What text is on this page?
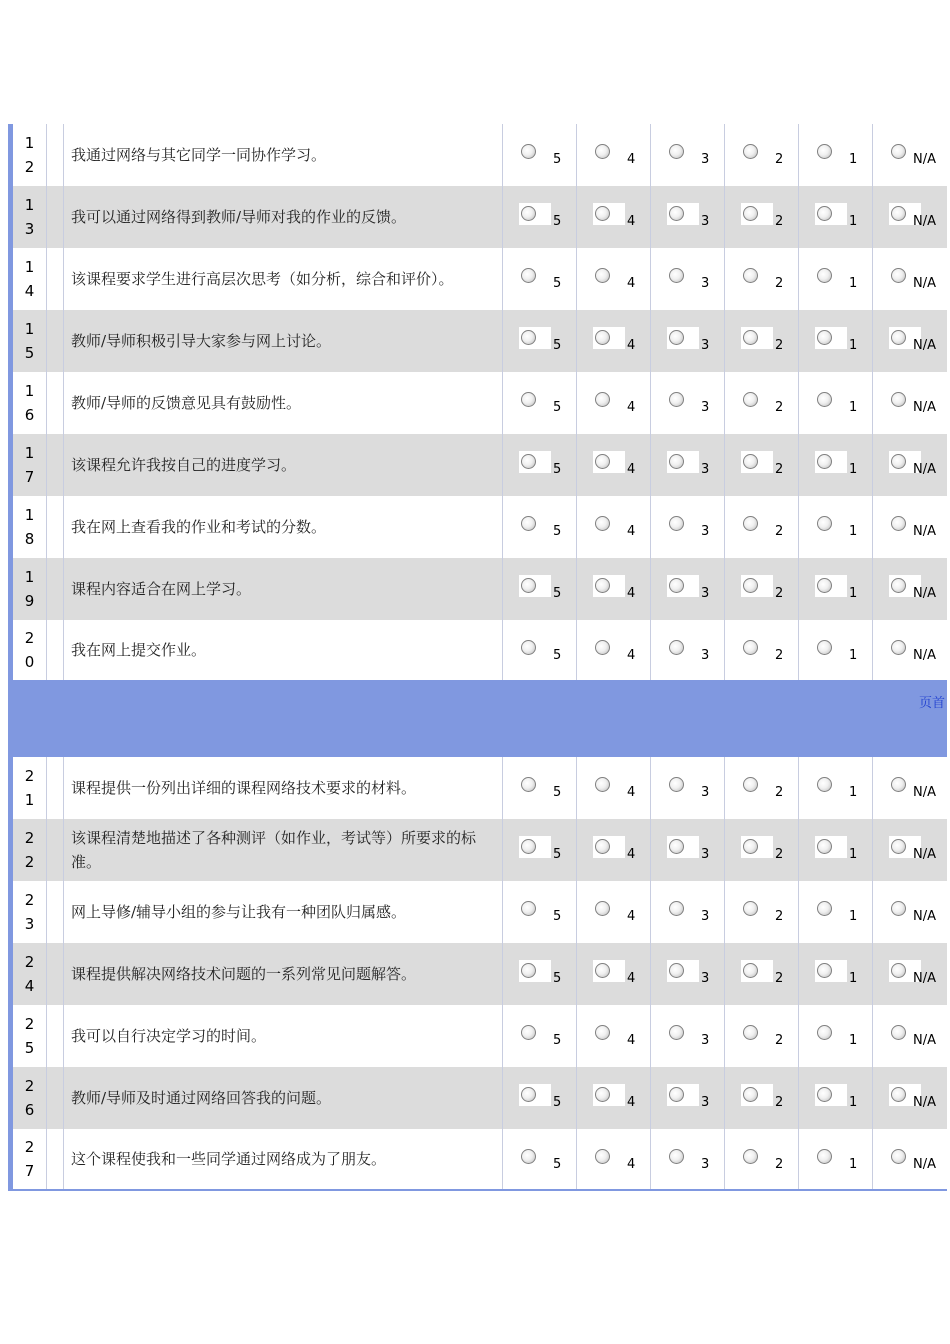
1
2
我通过网络与其它同学一同协作学习。	5	4	3	2	1	N/A
1
3
我可以通过网络得到教师/导师对我的作业的反馈。	5	4	3	2	1	N/A
1
4
该课程要求学生进行高层次思考（如分析，综合和评价）。	5	4	3	2	1	N/A
1
5
教师/导师积极引导大家参与网上讨论。	5	4	3	2	1	N/A
1
6
教师/导师的反馈意见具有鼓励性。	5	4	3	2	1	N/A
1
7
该课程允许我按自己的进度学习。	5	4	3	2	1	N/A
1
8
我在网上查看我的作业和考试的分数。	5	4	3	2	1	N/A
1
9
课程内容适合在网上学习。	5	4	3	2	1	N/A
2
0
我在网上提交作业。	5	4	3	2	1	N/A
页首
2
1
课程提供一份列出详细的课程网络技术要求的材料。	5	4	3	2	1	N/A
2
2
该课程清楚地描述了各种测评（如作业，考试等）所要求的标准。	5	4	3	2	1	N/A
2
3
网上导修/辅导小组的参与让我有一种团队归属感。	5	4	3	2	1	N/A
2
4
课程提供解决网络技术问题的一系列常见问题解答。	5	4	3	2	1	N/A
2
5
我可以自行决定学习的时间。	5	4	3	2	1	N/A
2
6
教师/导师及时通过网络回答我的问题。	5	4	3	2	1	N/A
2
7
这个课程使我和一些同学通过网络成为了朋友。	5	4	3	2	1	N/A
